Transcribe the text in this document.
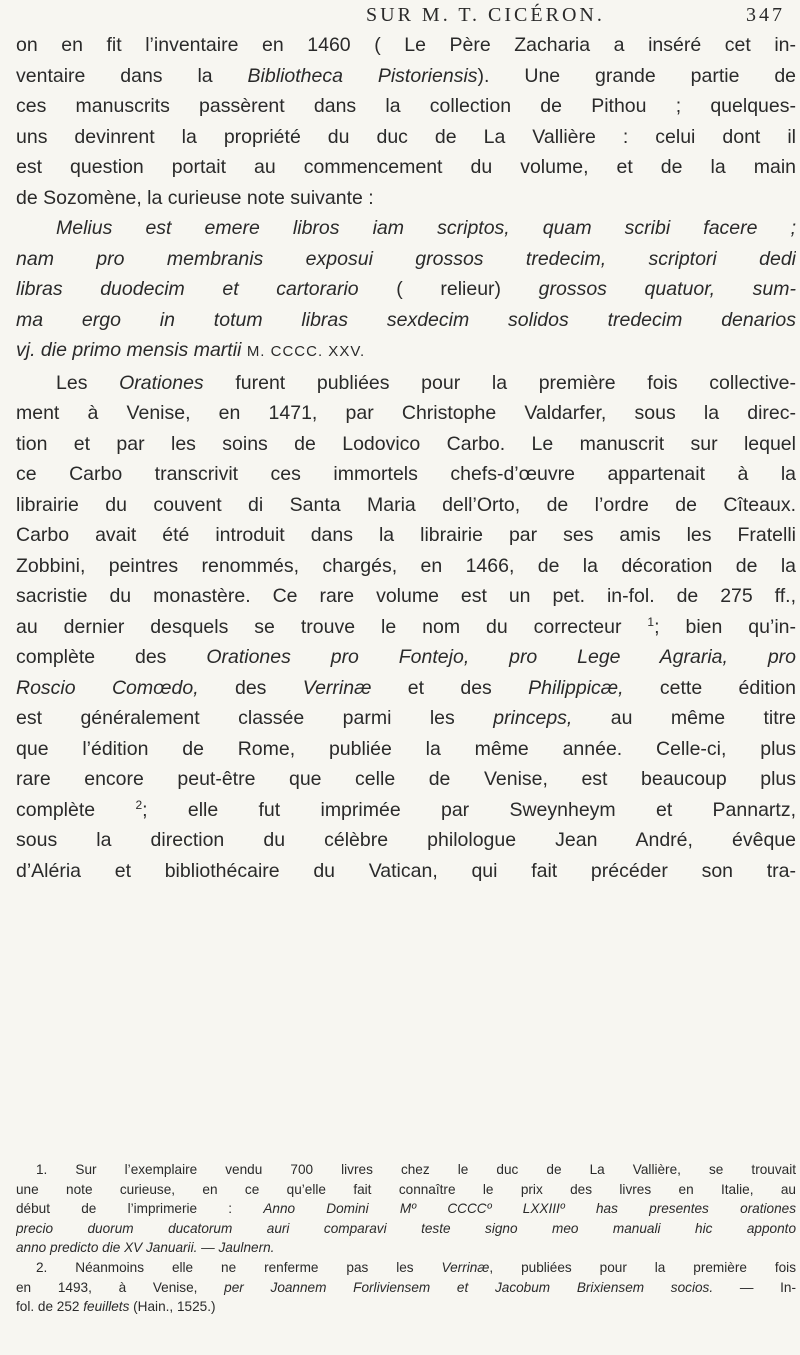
SUR M. T. CICÉRON.	347
on en fit l’inventaire en 1460 ( Le Père Zacharia a inséré cet in-
ventaire dans la Bibliotheca Pistoriensis). Une grande partie de
ces manuscrits passèrent dans la collection de Pithou ; quelques-
uns devinrent la propriété du duc de La Vallière : celui dont il
est question portait au commencement du volume, et de la main
de Sozomène, la curieuse note suivante :
Melius est emere libros iam scriptos, quam scribi facere ;
nam pro membranis exposui grossos tredecim, scriptori dedi
libras duodecim et cartorario ( relieur) grossos quatuor, sum-
ma ergo in totum libras sexdecim solidos tredecim denarios
vj. die primo mensis martii M. CCCC. XXV.
Les Orationes furent publiées pour la première fois collective-
ment à Venise, en 1471, par Christophe Valdarfer, sous la direc-
tion et par les soins de Lodovico Carbo. Le manuscrit sur lequel
ce Carbo transcrivit ces immortels chefs-d’œuvre appartenait à la
librairie du couvent di Santa Maria dell’Orto, de l’ordre de Cîteaux.
Carbo avait été introduit dans la librairie par ses amis les Fratelli
Zobbini, peintres renommés, chargés, en 1466, de la décoration de la
sacristie du monastère. Ce rare volume est un pet. in-fol. de 275 ff.,
au dernier desquels se trouve le nom du correcteur $^1$; bien qu’in-
complète des Orationes pro Fontejo, pro Lege Agraria, pro
Roscio Comœdo, des Verrinæ et des Philippicæ, cette édition
est généralement classée parmi les princeps, au même titre
que l’édition de Rome, publiée la même année. Celle-ci, plus
rare encore peut-être que celle de Venise, est beaucoup plus
complète	$^2$; elle fut imprimée par Sweynheym et Pannartz,
sous la direction du célèbre philologue Jean André, évêque
d’Aléria et bibliothécaire du Vatican, qui fait précéder son tra-
1. Sur l’exemplaire vendu 700 livres chez le duc de La Vallière, se trouvait
une note curieuse, en ce qu’elle fait connaître le prix des livres en Italie, au
début de l’imprimerie : Anno Domini Mº CCCCº LXXIIIº has presentes orationes
precio duorum ducatorum auri comparavi teste signo meo manuali hic apponto
anno predicto die XV Januarii. — Jaulnern.
2. Néanmoins elle ne renferme pas les Verrinæ, publiées pour la première fois
en 1493, à Venise, per Joannem Forliviensem et Jacobum Brixiensem socios. — In-
fol. de 252 feuillets (Hain., 1525.)
